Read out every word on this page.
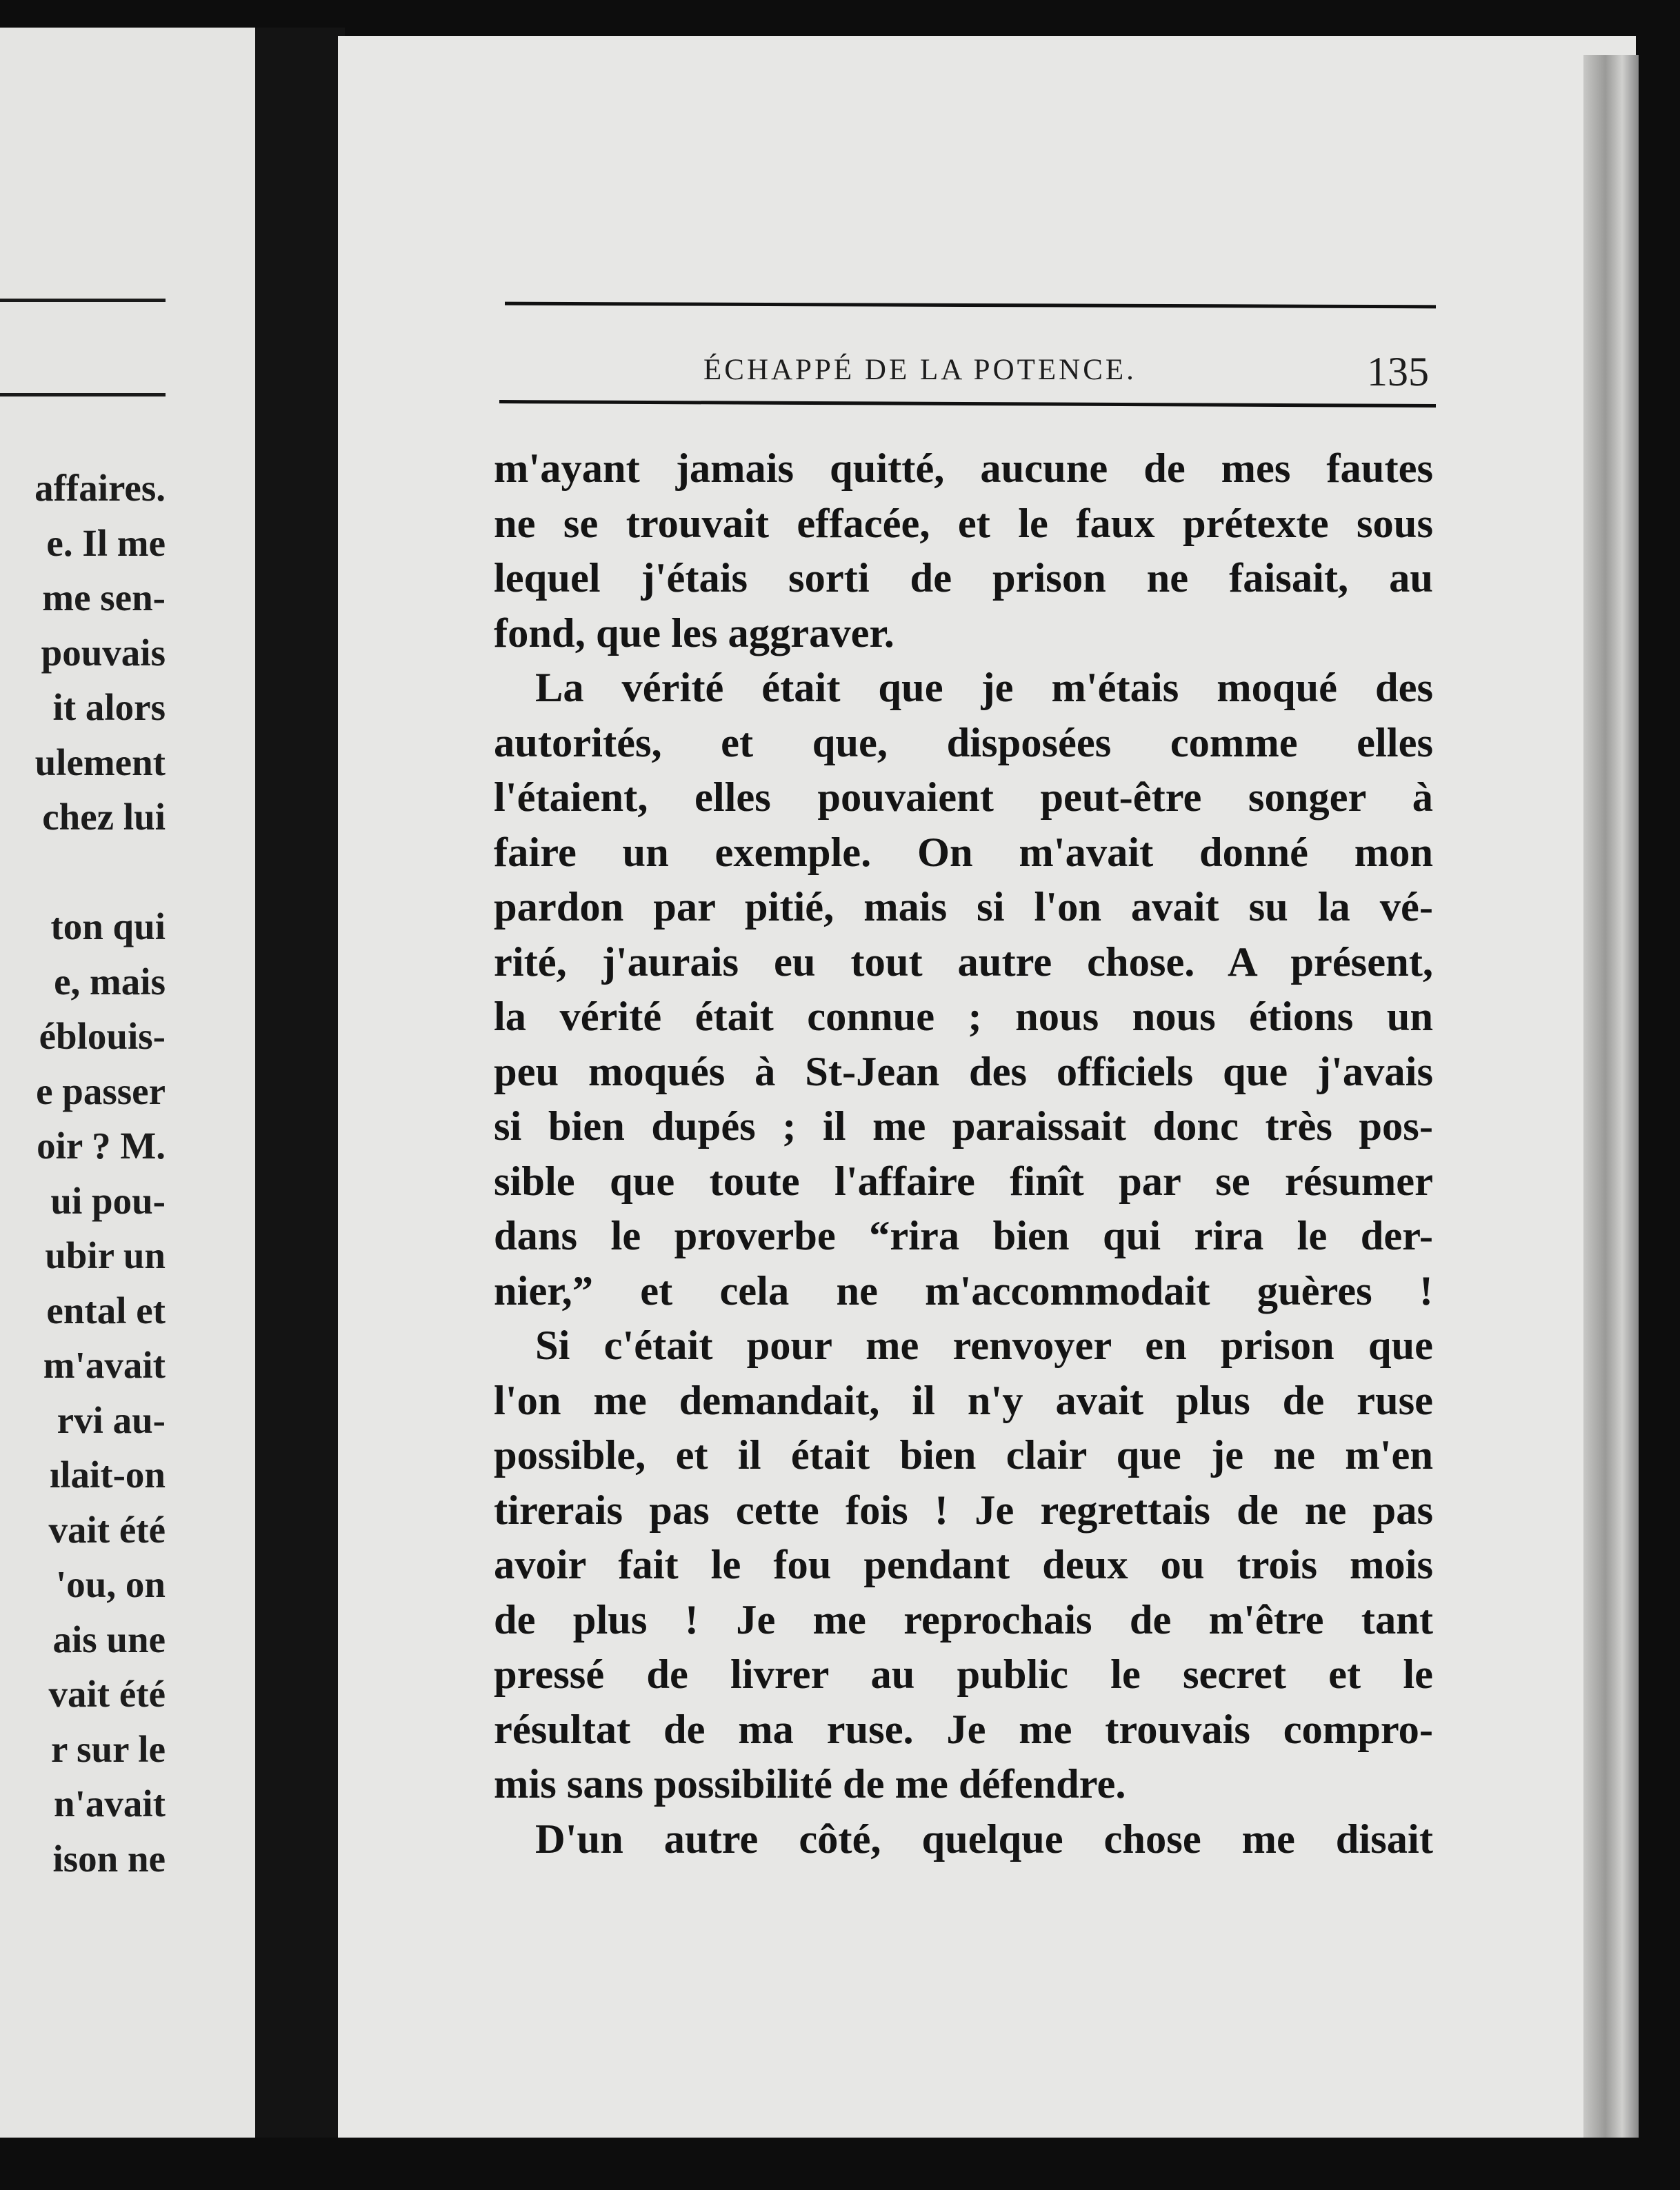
affaires.
e. Il me
me sen-
pouvais
it alors
ulement
chez lui
ton qui
e, mais
éblouis-
e passer
oir ? M.
ui pou-
ubir un
ental et
m'avait
rvi au-
ılait-on
vait été
'ou, on
ais une
vait été
r sur le
n'avait
ison ne
ÉCHAPPÉ DE LA POTENCE.	135
m'ayant jamais quitté, aucune de mes fautes
ne se trouvait effacée, et le faux prétexte sous
lequel j'étais sorti de prison ne faisait, au
fond, que les aggraver.
La vérité était que je m'étais moqué des
autorités, et que, disposées comme elles
l'étaient, elles pouvaient peut-être songer à
faire un exemple. On m'avait donné mon
pardon par pitié, mais si l'on avait su la vé-
rité, j'aurais eu tout autre chose. A présent,
la vérité était connue ; nous nous étions un
peu moqués à St-Jean des officiels que j'avais
si bien dupés ; il me paraissait donc très pos-
sible que toute l'affaire finît par se résumer
dans le proverbe “rira bien qui rira le der-
nier,” et cela ne m'accommodait guères !
Si c'était pour me renvoyer en prison que
l'on me demandait, il n'y avait plus de ruse
possible, et il était bien clair que je ne m'en
tirerais pas cette fois ! Je regrettais de ne pas
avoir fait le fou pendant deux ou trois mois
de plus ! Je me reprochais de m'être tant
pressé de livrer au public le secret et le
résultat de ma ruse. Je me trouvais compro-
mis sans possibilité de me défendre.
D'un autre côté, quelque chose me disait
